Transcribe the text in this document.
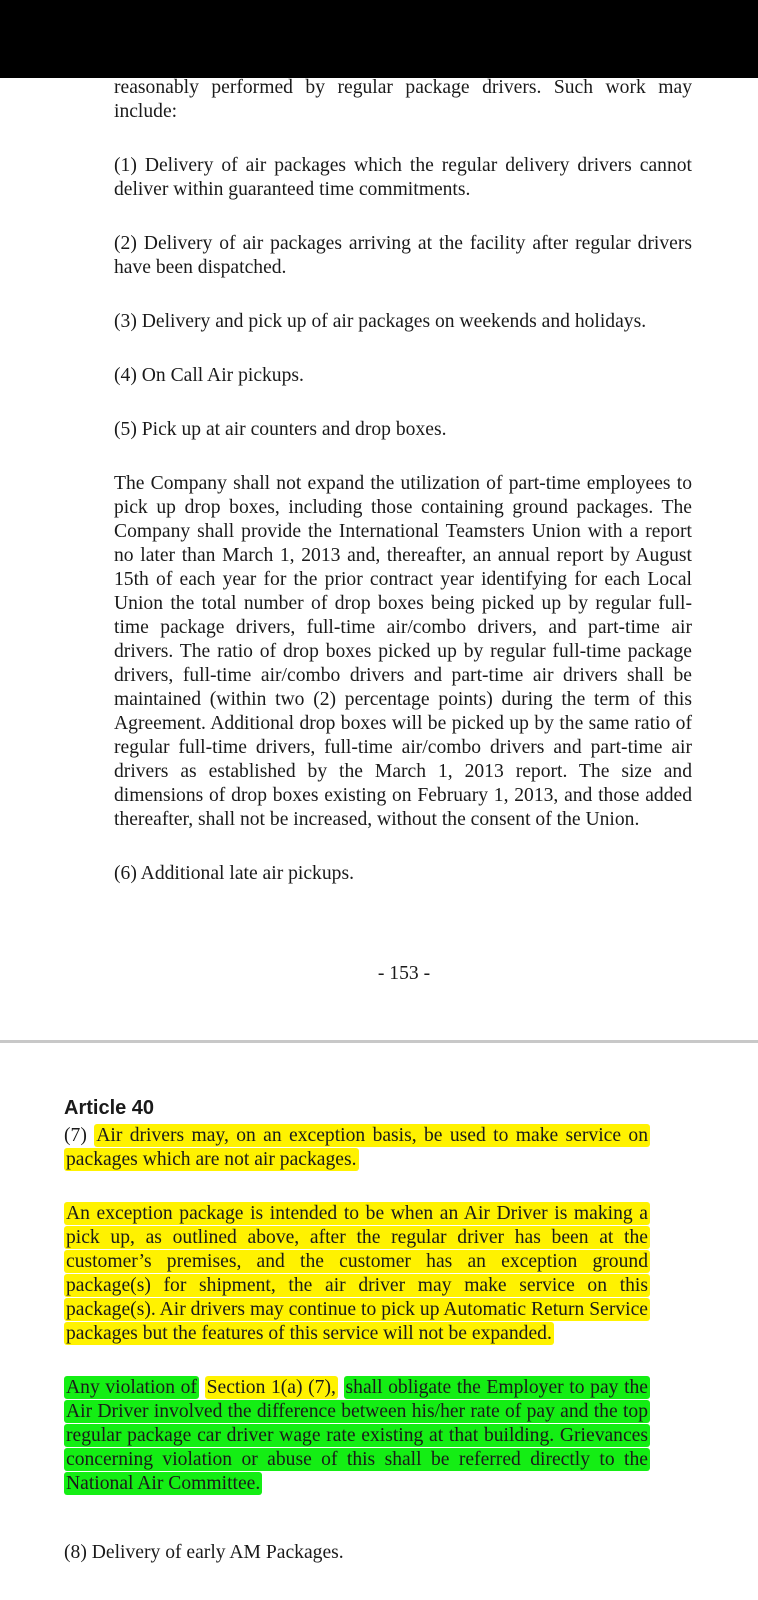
reasonably performed by regular package drivers. Such work may include:

(1) Delivery of air packages which the regular delivery drivers cannot deliver within guaranteed time commitments.

(2) Delivery of air packages arriving at the facility after regular drivers have been dispatched.

(3) Delivery and pick up of air packages on weekends and holidays.

(4) On Call Air pickups.

(5) Pick up at air counters and drop boxes.

The Company shall not expand the utilization of part-time employees to pick up drop boxes, including those containing ground packages. The Company shall provide the International Teamsters Union with a report no later than March 1, 2013 and, thereafter, an annual report by August 15th of each year for the prior contract year identifying for each Local Union the total number of drop boxes being picked up by regular full-time package drivers, full-time air/combo drivers, and part-time air drivers. The ratio of drop boxes picked up by regular full-time package drivers, full-time air/combo drivers and part-time air drivers shall be maintained (within two (2) percentage points) during the term of this Agreement. Additional drop boxes will be picked up by the same ratio of regular full-time drivers, full-time air/combo drivers and part-time air drivers as established by the March 1, 2013 report. The size and dimensions of drop boxes existing on February 1, 2013, and those added thereafter, shall not be increased, without the consent of the Union.

(6) Additional late air pickups.

- 153 -
Article 40

(7) Air drivers may, on an exception basis, be used to make service on packages which are not air packages.

An exception package is intended to be when an Air Driver is making a pick up, as outlined above, after the regular driver has been at the customer’s premises, and the customer has an exception ground package(s) for shipment, the air driver may make service on this package(s). Air drivers may continue to pick up Automatic Return Service packages but the features of this service will not be expanded.

Any violation of Section 1(a) (7), shall obligate the Employer to pay the Air Driver involved the difference between his/her rate of pay and the top regular package car driver wage rate existing at that building. Grievances concerning violation or abuse of this shall be referred directly to the National Air Committee.

(8) Delivery of early AM Packages.
